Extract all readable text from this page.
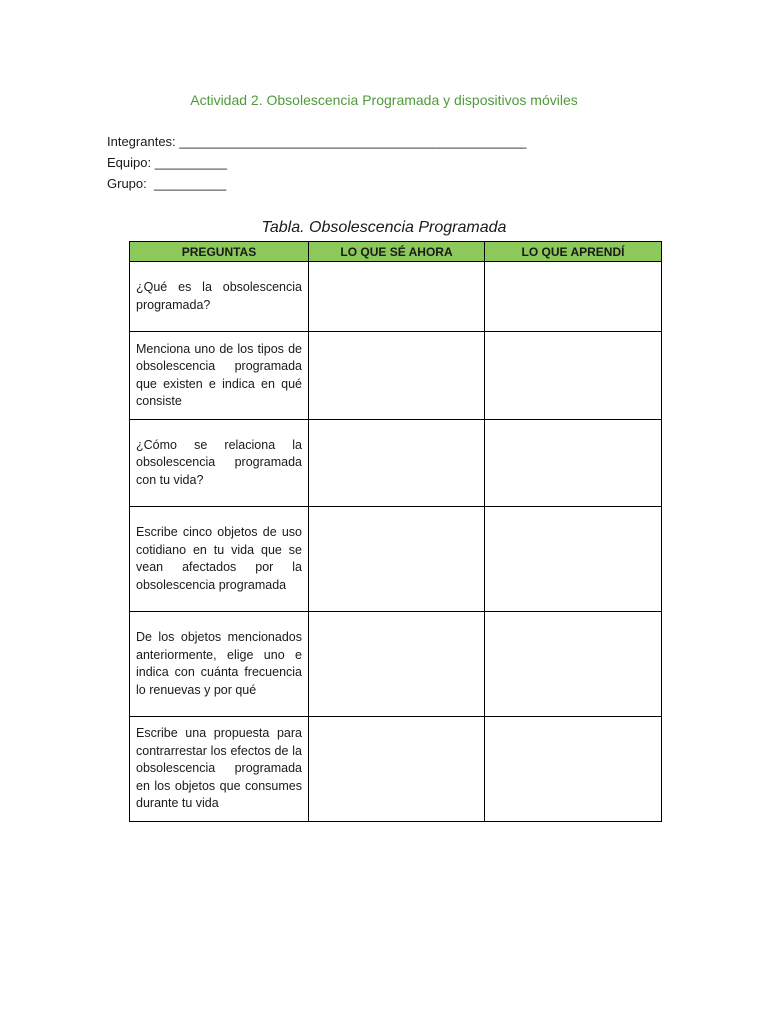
Actividad 2. Obsolescencia Programada y dispositivos móviles
Integrantes: ________________________________________________
Equipo: __________
Grupo:  __________
Tabla. Obsolescencia Programada
PREGUNTAS	LO QUE SÉ AHORA	LO QUE APRENDÍ
¿Qué es la obsolescencia programada?		
Menciona uno de los tipos de obsolescencia programada que existen e indica en qué consiste		
¿Cómo se relaciona la obsolescencia programada con tu vida?		
Escribe cinco objetos de uso cotidiano en tu vida que se vean afectados por la obsolescencia programada		
De los objetos mencionados anteriormente, elige uno e indica con cuánta frecuencia lo renuevas y por qué		
Escribe una propuesta para contrarrestar los efectos de la obsolescencia programada en los objetos que consumes durante tu vida		
